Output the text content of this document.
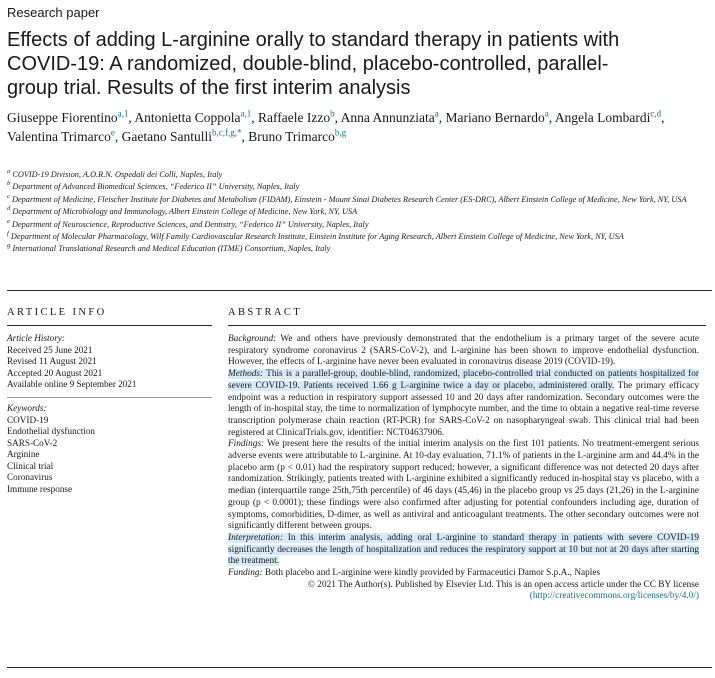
Research paper
Effects of adding L-arginine orally to standard therapy in patients with COVID-19: A randomized, double-blind, placebo-controlled, parallel-group trial. Results of the first interim analysis
Giuseppe Fiorentino$^{a,1}$, Antonietta Coppola$^{a,1}$, Raffaele Izzo$^b$, Anna Annunziata$^a$, Mariano Bernardo$^a$, Angela Lombardi$^{c,d}$, Valentina Trimarco$^e$, Gaetano Santulli$^{b,c,f,g,*}$, Bruno Trimarco$^{b,g}$
$^a$ COVID-19 Division, A.O.R.N. Ospedali dei Colli, Naples, Italy
$^b$ Department of Advanced Biomedical Sciences, “Federico II” University, Naples, Italy
$^c$ Department of Medicine, Fleischer Institute for Diabetes and Metabolism (FIDAM), Einstein - Mount Sinai Diabetes Research Center (ES-DRC), Albert Einstein College of Medicine, New York, NY, USA
$^d$ Department of Microbiology and Immunology, Albert Einstein College of Medicine, New York, NY, USA
$^e$ Department of Neuroscience, Reproductive Sciences, and Dentistry, “Federico II” University, Naples, Italy
$^f$ Department of Molecular Pharmacology, Wilf Family Cardiovascular Research Institute, Einstein Institute for Aging Research, Albert Einstein College of Medicine, New York, NY, USA
$^g$ International Translational Research and Medical Education (ITME) Consortium, Naples, Italy
ARTICLE INFO	ABSTRACT
Article History:
Received 25 June 2021
Revised 11 August 2021
Accepted 20 August 2021
Available online 9 September 2021
Keywords:
COVID-19
Endothelial dysfunction
SARS-CoV-2
Arginine
Clinical trial
Coronavirus
Immune response

Background: We and others have previously demonstrated that the endothelium is a primary target of the severe acute respiratory syndrome coronavirus 2 (SARS-CoV-2), and L-arginine has been shown to improve endothelial dysfunction. However, the effects of L-arginine have never been evaluated in coronavirus disease 2019 (COVID-19).

Methods: This is a parallel-group, double-blind, randomized, placebo-controlled trial conducted on patients hospitalized for severe COVID-19. Patients received 1.66 g L-arginine twice a day or placebo, administered orally. The primary efficacy endpoint was a reduction in respiratory support assessed 10 and 20 days after randomization. Secondary outcomes were the length of in-hospital stay, the time to normalization of lymphocyte number, and the time to obtain a negative real-time reverse transcription polymerase chain reaction (RT-PCR) for SARS-CoV-2 on nasopharyngeal swab. This clinical trial had been registered at ClinicalTrials.gov, identifier: NCT04637906.

Findings: We present here the results of the initial interim analysis on the first 101 patients. No treatment-emergent serious adverse events were attributable to L-arginine. At 10-day evaluation, 71.1% of patients in the L-arginine arm and 44.4% in the placebo arm (p < 0.01) had the respiratory support reduced; however, a significant difference was not detected 20 days after randomization. Strikingly, patients treated with L-arginine exhibited a significantly reduced in-hospital stay vs placebo, with a median (interquartile range 25th,75th percentile) of 46 days (45,46) in the placebo group vs 25 days (21,26) in the L-arginine group (p < 0.0001); these findings were also confirmed after adjusting for potential confounders including age, duration of symptoms, comorbidities, D-dimer, as well as antiviral and anticoagulant treatments. The other secondary outcomes were not significantly different between groups.

Interpretation: In this interim analysis, adding oral L-arginine to standard therapy in patients with severe COVID-19 significantly decreases the length of hospitalization and reduces the respiratory support at 10 but not at 20 days after starting the treatment.

Funding: Both placebo and L-arginine were kindly provided by Farmaceutici Damor S.p.A., Naples

© 2021 The Author(s). Published by Elsevier Ltd. This is an open access article under the CC BY license
(http://creativecommons.org/licenses/by/4.0/)
